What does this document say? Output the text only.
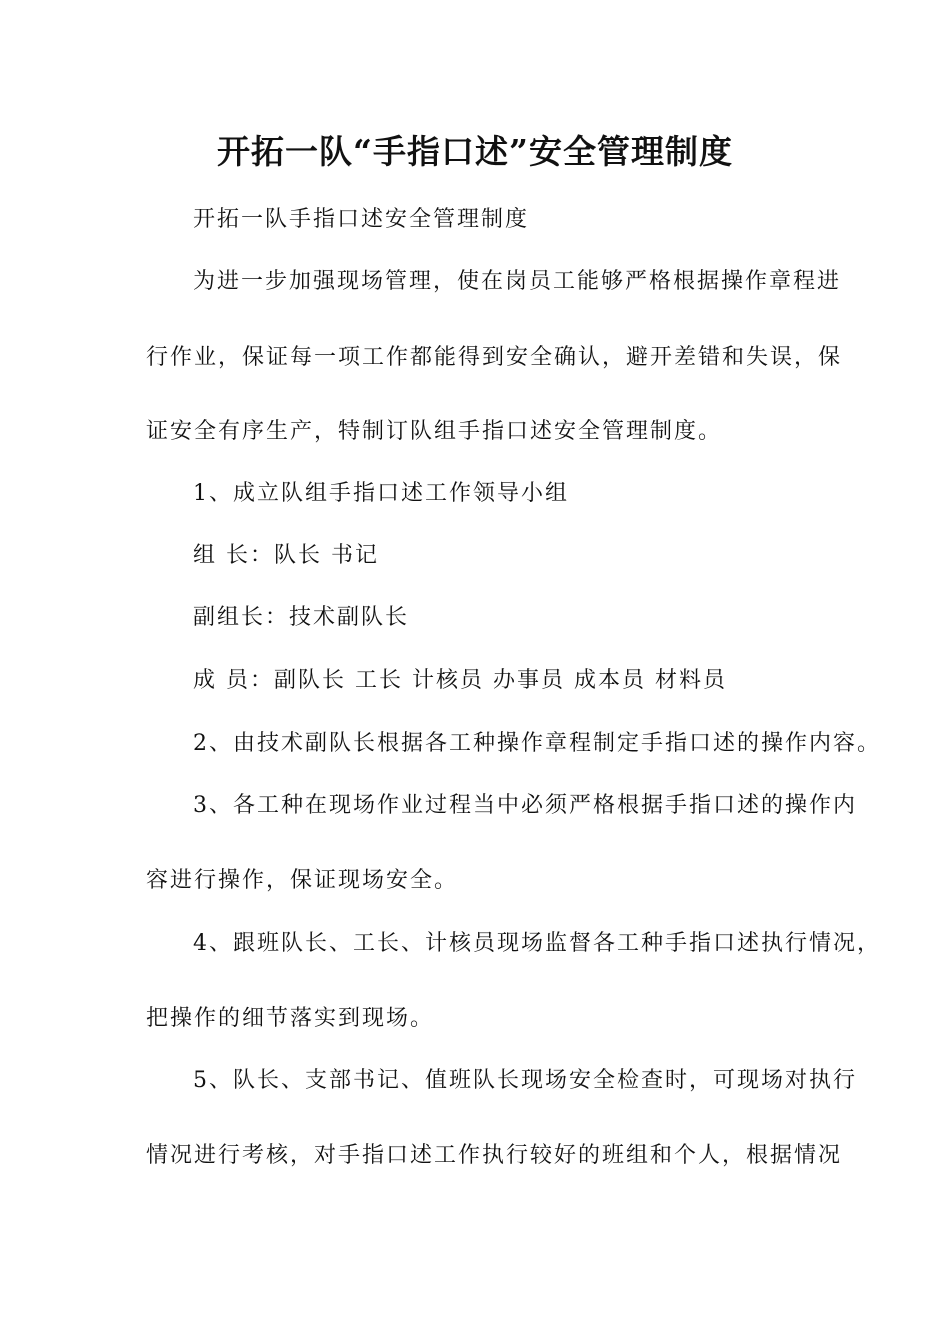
开拓一队“手指口述”安全管理制度
开拓一队手指口述安全管理制度
为进一步加强现场管理，使在岗员工能够严格根据操作章程进
行作业，保证每一项工作都能得到安全确认，避开差错和失误，保
证安全有序生产，特制订队组手指口述安全管理制度。
1、成立队组手指口述工作领导小组
组 长：队长 书记
副组长：技术副队长
成 员：副队长 工长 计核员 办事员 成本员 材料员
2、由技术副队长根据各工种操作章程制定手指口述的操作内容。
3、各工种在现场作业过程当中必须严格根据手指口述的操作内
容进行操作，保证现场安全。
4、跟班队长、工长、计核员现场监督各工种手指口述执行情况，
把操作的细节落实到现场。
5、队长、支部书记、值班队长现场安全检查时，可现场对执行
情况进行考核，对手指口述工作执行较好的班组和个人，根据情况
